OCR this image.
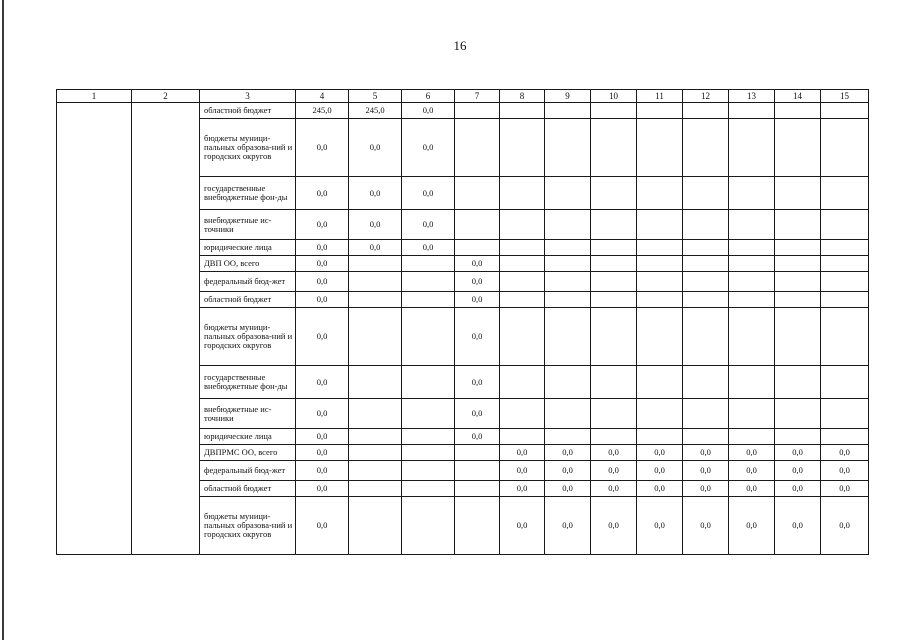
16
1	2	3	4	5	6	7	8	9	10	11	12	13	14	15
		областной бюджет	245,0	245,0	0,0									
		бюджеты муници-пальных образова-ний и городских округов	0,0	0,0	0,0									
		государственные внебюджетные фон-ды	0,0	0,0	0,0									
		внебюджетные ис-точники	0,0	0,0	0,0									
		юридические лица	0,0	0,0	0,0									
		ДВП ОО, всего	0,0			0,0								
		федеральный бюд-жет	0,0			0,0								
		областной бюджет	0,0			0,0								
		бюджеты муници-пальных образова-ний и городских округов	0,0			0,0								
		государственные внебюджетные фон-ды	0,0			0,0								
		внебюджетные ис-точники	0,0			0,0								
		юридические лица	0,0			0,0								
		ДВПРМС ОО, всего	0,0				0,0	0,0	0,0	0,0	0,0	0,0	0,0	0,0
		федеральный бюд-жет	0,0				0,0	0,0	0,0	0,0	0,0	0,0	0,0	0,0
		областной бюджет	0,0				0,0	0,0	0,0	0,0	0,0	0,0	0,0	0,0
		бюджеты муници-пальных образова-ний и городских округов	0,0				0,0	0,0	0,0	0,0	0,0	0,0	0,0	0,0
